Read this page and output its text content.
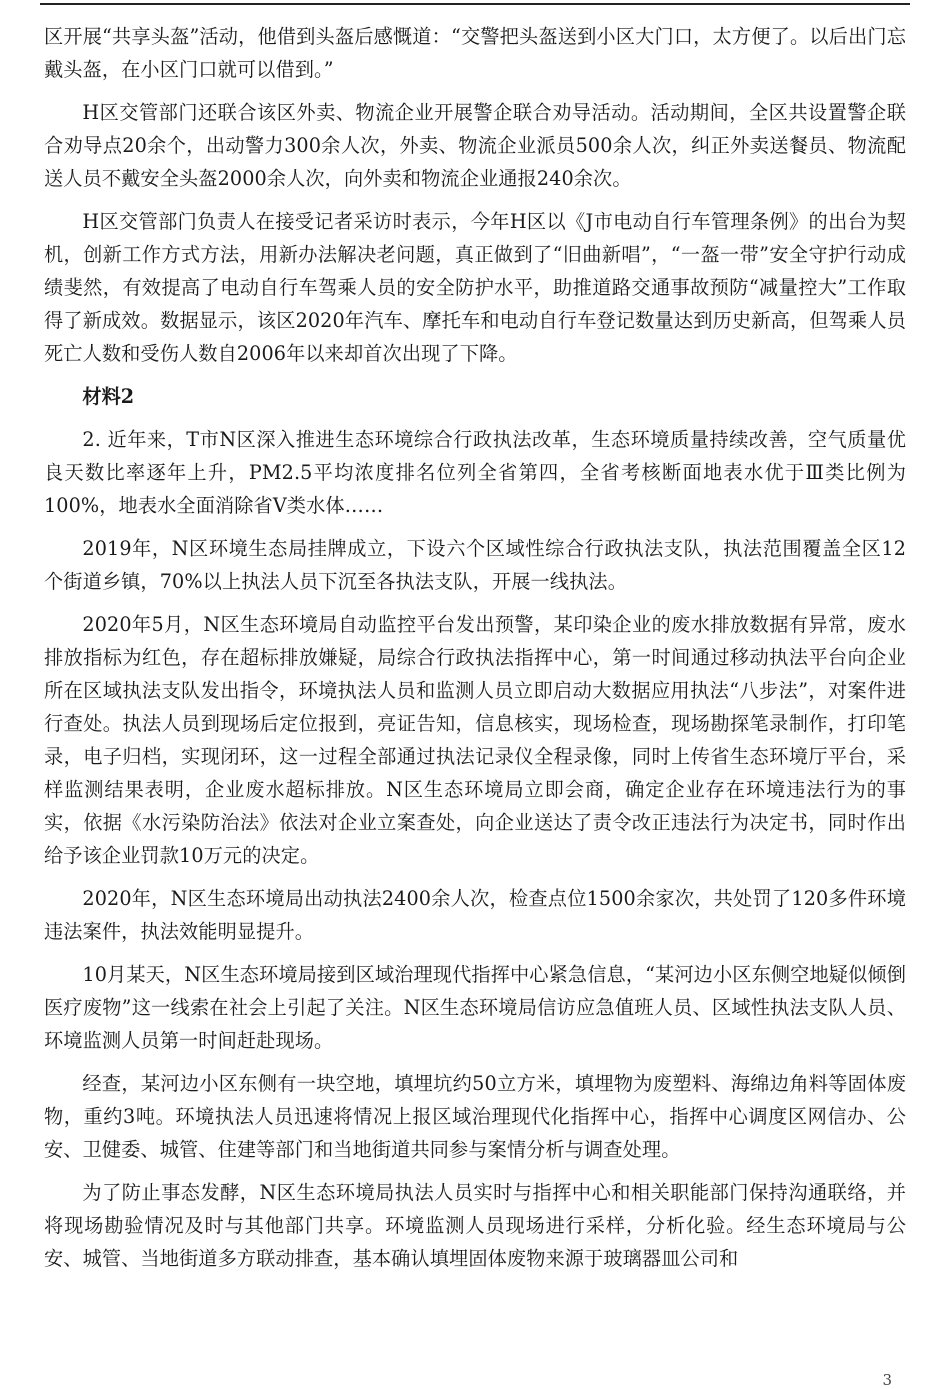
区开展“共享头盔”活动，他借到头盔后感慨道：“交警把头盔送到小区大门口，太方便了。以后出门忘戴头盔，在小区门口就可以借到。”

H区交管部门还联合该区外卖、物流企业开展警企联合劝导活动。活动期间，全区共设置警企联合劝导点20余个，出动警力300余人次，外卖、物流企业派员500余人次，纠正外卖送餐员、物流配送人员不戴安全头盔2000余人次，向外卖和物流企业通报240余次。

H区交管部门负责人在接受记者采访时表示，今年H区以《J市电动自行车管理条例》的出台为契机，创新工作方式方法，用新办法解决老问题，真正做到了“旧曲新唱”，“一盔一带”安全守护行动成绩斐然，有效提高了电动自行车驾乘人员的安全防护水平，助推道路交通事故预防“减量控大”工作取得了新成效。数据显示，该区2020年汽车、摩托车和电动自行车登记数量达到历史新高，但驾乘人员死亡人数和受伤人数自2006年以来却首次出现了下降。

材料2

2. 近年来，T市N区深入推进生态环境综合行政执法改革，生态环境质量持续改善，空气质量优良天数比率逐年上升，PM2.5平均浓度排名位列全省第四，全省考核断面地表水优于Ⅲ类比例为100%，地表水全面消除省Ⅴ类水体……

2019年，N区环境生态局挂牌成立，下设六个区域性综合行政执法支队，执法范围覆盖全区12个街道乡镇，70%以上执法人员下沉至各执法支队，开展一线执法。

2020年5月，N区生态环境局自动监控平台发出预警，某印染企业的废水排放数据有异常，废水排放指标为红色，存在超标排放嫌疑，局综合行政执法指挥中心，第一时间通过移动执法平台向企业所在区域执法支队发出指令，环境执法人员和监测人员立即启动大数据应用执法“八步法”，对案件进行查处。执法人员到现场后定位报到，亮证告知，信息核实，现场检查，现场勘探笔录制作，打印笔录，电子归档，实现闭环，这一过程全部通过执法记录仪全程录像，同时上传省生态环境厅平台，采样监测结果表明，企业废水超标排放。N区生态环境局立即会商，确定企业存在环境违法行为的事实，依据《水污染防治法》依法对企业立案查处，向企业送达了责令改正违法行为决定书，同时作出给予该企业罚款10万元的决定。

2020年，N区生态环境局出动执法2400余人次，检查点位1500余家次，共处罚了120多件环境违法案件，执法效能明显提升。

10月某天，N区生态环境局接到区域治理现代指挥中心紧急信息，“某河边小区东侧空地疑似倾倒医疗废物”这一线索在社会上引起了关注。N区生态环境局信访应急值班人员、区域性执法支队人员、环境监测人员第一时间赶赴现场。

经查，某河边小区东侧有一块空地，填埋坑约50立方米，填埋物为废塑料、海绵边角料等固体废物，重约3吨。环境执法人员迅速将情况上报区域治理现代化指挥中心，指挥中心调度区网信办、公安、卫健委、城管、住建等部门和当地街道共同参与案情分析与调查处理。

为了防止事态发酵，N区生态环境局执法人员实时与指挥中心和相关职能部门保持沟通联络，并将现场勘验情况及时与其他部门共享。环境监测人员现场进行采样，分析化验。经生态环境局与公安、城管、当地街道多方联动排查，基本确认填埋固体废物来源于玻璃器皿公司和

3
